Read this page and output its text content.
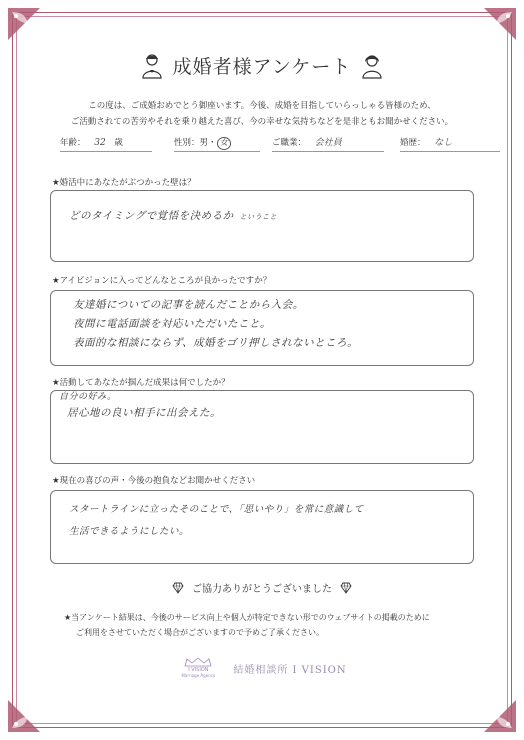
成婚者様アンケート
この度は、ご成婚おめでとう御座います。今後、成婚を目指していらっしゃる皆様のため、
ご活動されての苦労やそれを乗り越えた喜び、今の幸せな気持ちなどを是非ともお聞かせください。
年齢： 32 歳	性別：男・ 女	ご職業： 会社員	婚歴： なし
★婚活中にあなたがぶつかった壁は？
どのタイミングで覚悟を決めるか ということ
★アイビジョンに入ってどんなところが良かったですか？
友達婚についての記事を読んだことから入会。
夜間に電話面談を対応いただいたこと。
表面的な相談にならず、成婚をゴリ押しされないところ。
★活動してあなたが掴んだ成果は何でしたか？
自分の好み。
居心地の良い相手に出会えた。
★現在の喜びの声・今後の抱負などお聞かせください
スタートラインに立ったそのことで、「思いやり」を常に意識して
生活できるようにしたい。
ご協力ありがとうございました
★当アンケート結果は、今後のサービス向上や個人が特定できない形でのウェブサイトの掲載のために
ご利用をさせていただく場合がございますので予めご了承ください。
I VISION
Marriage Agency 結婚相談所 I VISION
